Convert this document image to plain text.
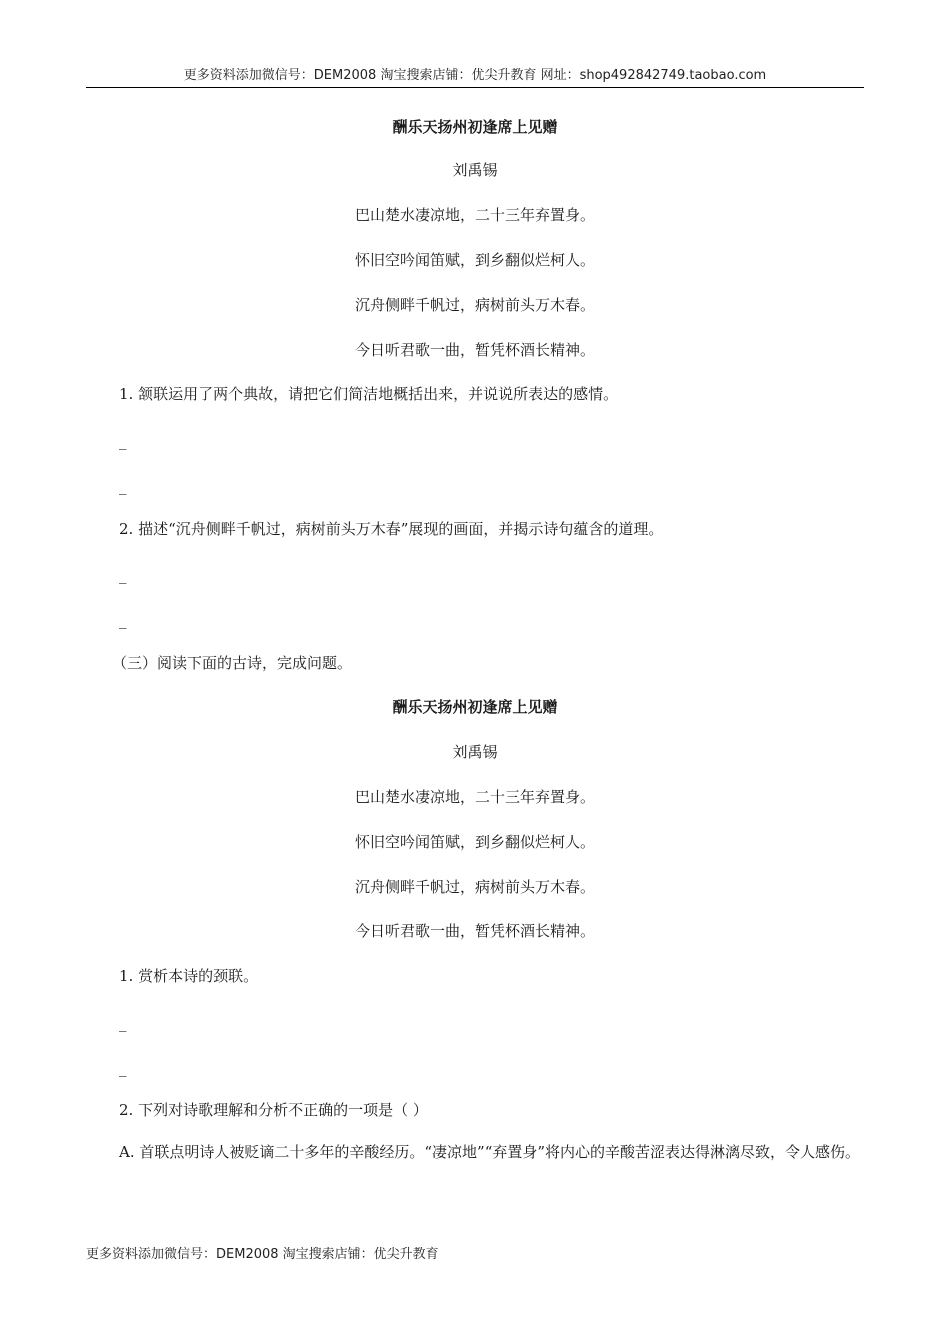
更多资料添加微信号：DEM2008 淘宝搜索店铺：优尖升教育 网址：shop492842749.taobao.com
酬乐天扬州初逢席上见赠
刘禹锡
巴山楚水凄凉地，二十三年弃置身。
怀旧空吟闻笛赋，到乡翻似烂柯人。
沉舟侧畔千帆过，病树前头万木春。
今日听君歌一曲，暂凭杯酒长精神。
1. 颔联运用了两个典故，请把它们简洁地概括出来，并说说所表达的感情。
_
_
2. 描述“沉舟侧畔千帆过，病树前头万木春”展现的画面，并揭示诗句蕴含的道理。
_
_
（三）阅读下面的古诗，完成问题。
酬乐天扬州初逢席上见赠
刘禹锡
巴山楚水凄凉地，二十三年弃置身。
怀旧空吟闻笛赋，到乡翻似烂柯人。
沉舟侧畔千帆过，病树前头万木春。
今日听君歌一曲，暂凭杯酒长精神。
1. 赏析本诗的颈联。
_
_
2. 下列对诗歌理解和分析不正确的一项是（ ）
A. 首联点明诗人被贬谪二十多年的辛酸经历。“凄凉地”“弃置身”将内心的辛酸苦涩表达得淋漓尽致，令人感伤。
更多资料添加微信号：DEM2008 淘宝搜索店铺：优尖升教育
